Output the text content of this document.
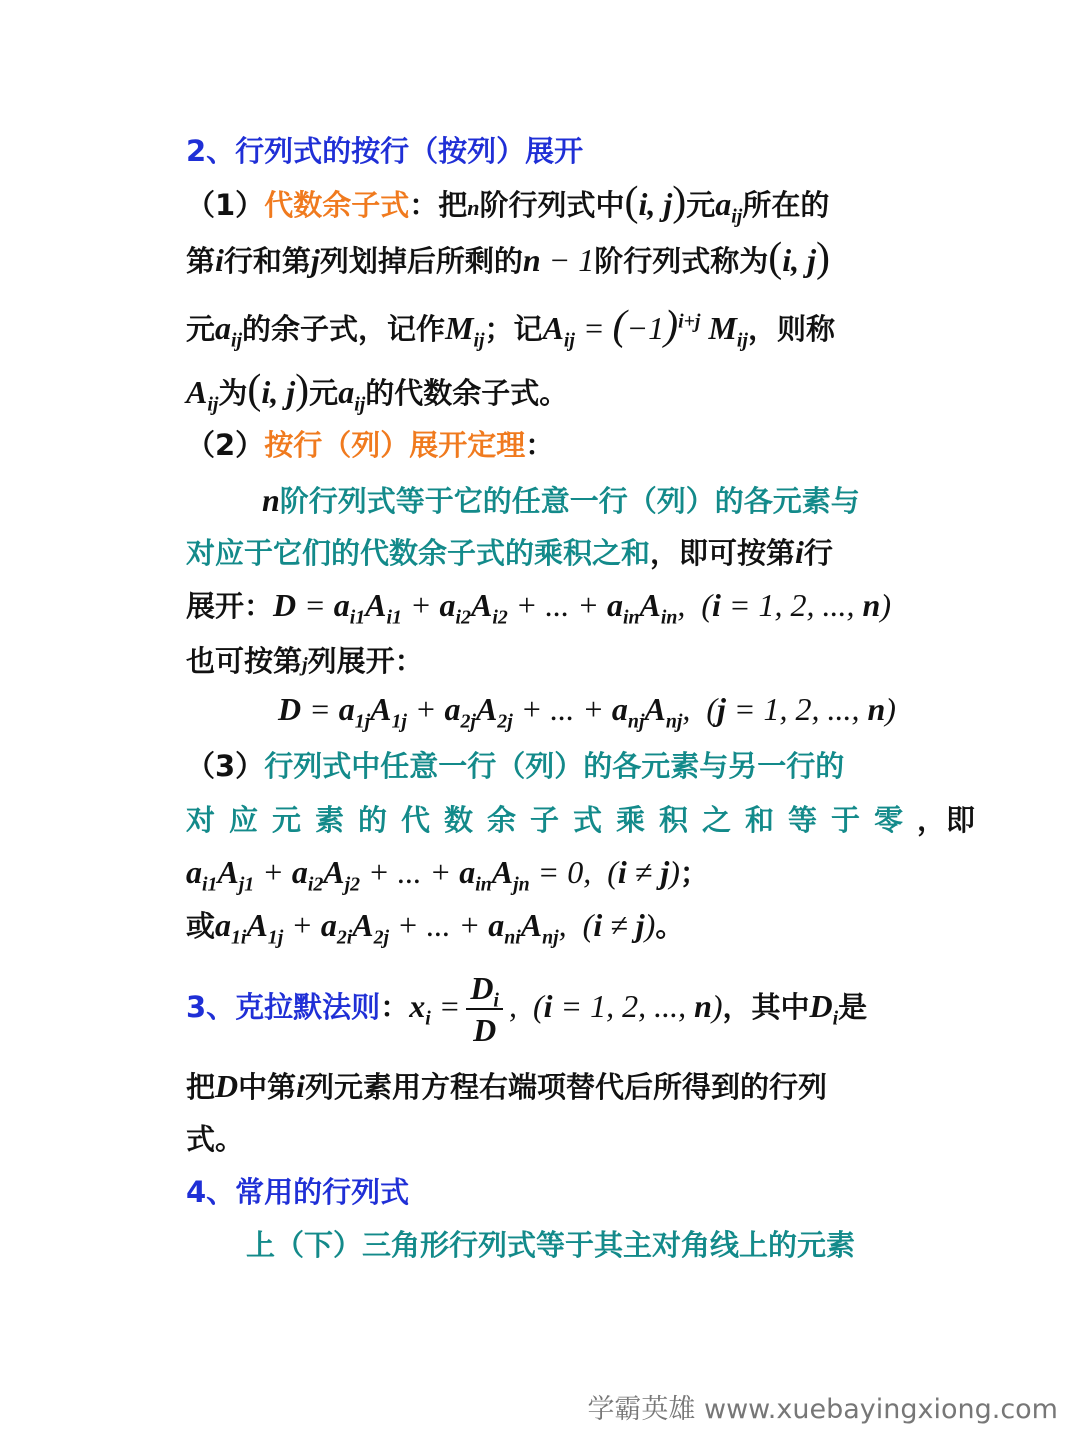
2、行列式的按行（按列）展开
（1）代数余子式：把n阶行列式中(i, j)元$a_{ij}$所在的
第i行和第j列划掉后所剩的n − 1阶行列式称为(i, j)
元$a_{ij}$的余子式，记作$M_{ij}$；记$A_{ij} = (-1)^{i+j}$ $M_{ij}$，则称
$A_{ij}$为(i, j)元$a_{ij}$的代数余子式。
（2）按行（列）展开定理：
n阶行列式等于它的任意一行（列）的各元素与
对应于它们的代数余子式的乘积之和，即可按第i行
展开：$D = a_{i1}A_{i1} + a_{i2}A_{i2}$ + ... + $a_{in}A_{in}$,  (i = 1, 2, ..., n)
也可按第j列展开：
$D = a_{1j}A_{1j} + a_{2j}A_{2j}$ + ... + $a_{nj}A_{nj}$,  (j = 1, 2, ..., n)
（3）行列式中任意一行（列）的各元素与另一行的
对应元素的代数余子式乘积之和等于零，即
$a_{i1}A_{j1} + a_{i2}A_{j2}$ + ... + $a_{in}A_{jn} = 0$,  (i ≠ j)；
或$a_{1i}A_{1j} + a_{2i}A_{2j}$ + ... + $a_{ni}A_{nj}$,  (i ≠ j)。
3、克拉默法则：$x_i = \frac{D_i}{D}$ ,  (i = 1, 2, ..., n)，其中$D_i$是
把D中第i列元素用方程右端项替代后所得到的行列
式。
4、常用的行列式
上（下）三角形行列式等于其主对角线上的元素
学霸英雄 www.xuebayingxiong.com
